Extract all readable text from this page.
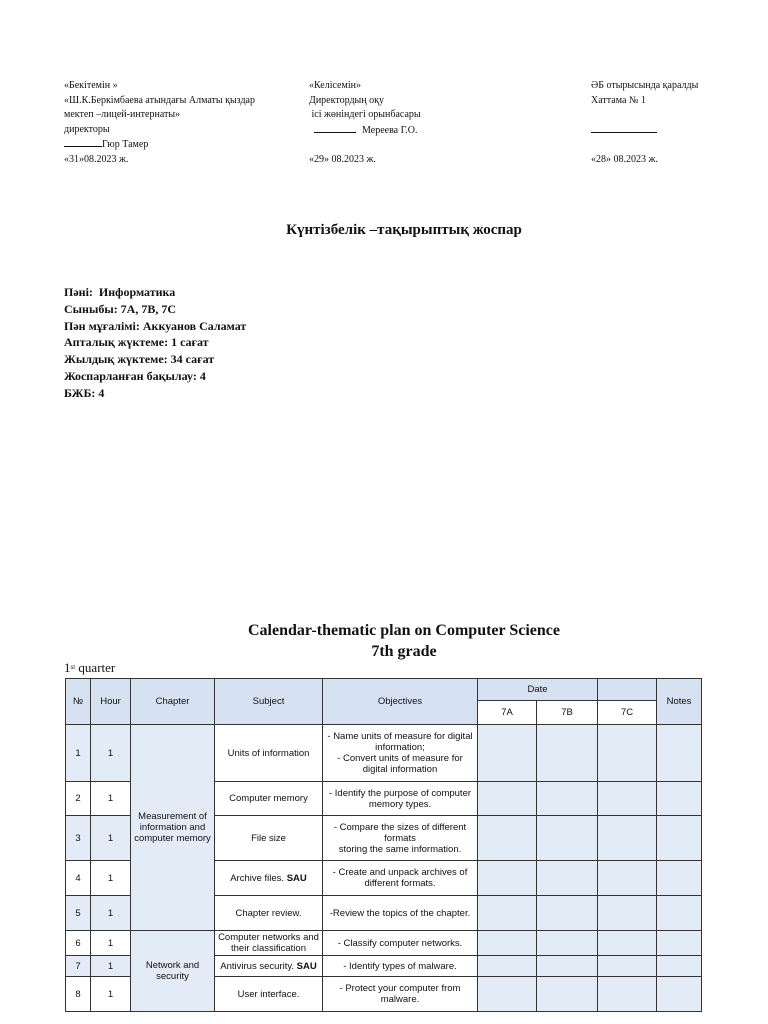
«Бекітемін »
«Ш.К.Беркімбаева атындағы Алматы қыздар
мектеп –лицей-интернаты»
директоры
Гюр Тамер
«31»08.2023 ж.
«Келісемін»
Директордың оқу
ісі жөніндегі орынбасары
Мереева Г.О.
«29» 08.2023 ж.
ӘБ отырысында қаралды
Хаттама № 1
«28» 08.2023 ж.
Күнтізбелік –тақырыптық жоспар
Пәні:  Информатика
Сыныбы: 7А, 7В, 7С
Пән мұғалімі: Аккуанов Саламат
Апталық жүктеме: 1 сағат
Жылдық жүктеме: 34 сағат
Жоспарланған бақылау: 4
БЖБ: 4
Calendar-thematic plan on Computer Science
7th grade
1st quarter
№	Hour	Chapter	Subject	Objectives	Date			Notes
					7A	7B	7C	
1	1	Measurement of information and computer memory	Units of information	- Name units of measure for digital information;
- Convert units of measure for digital information				

2	1		Computer memory	- Identify the purpose of computer memory types.				

3	1		File size	- Compare the sizes of different formats
storing the same information.				

4	1		Archive files. SAU	- Create and unpack archives of different formats.				

5	1		Chapter review.	-Review the topics of the chapter.				

6	1	Network and security	Computer networks and their classification	- Classify computer networks.				

7	1		Antivirus security. SAU	- Identify types of malware.				

8	1		User interface.	- Protect your computer from malware.				
